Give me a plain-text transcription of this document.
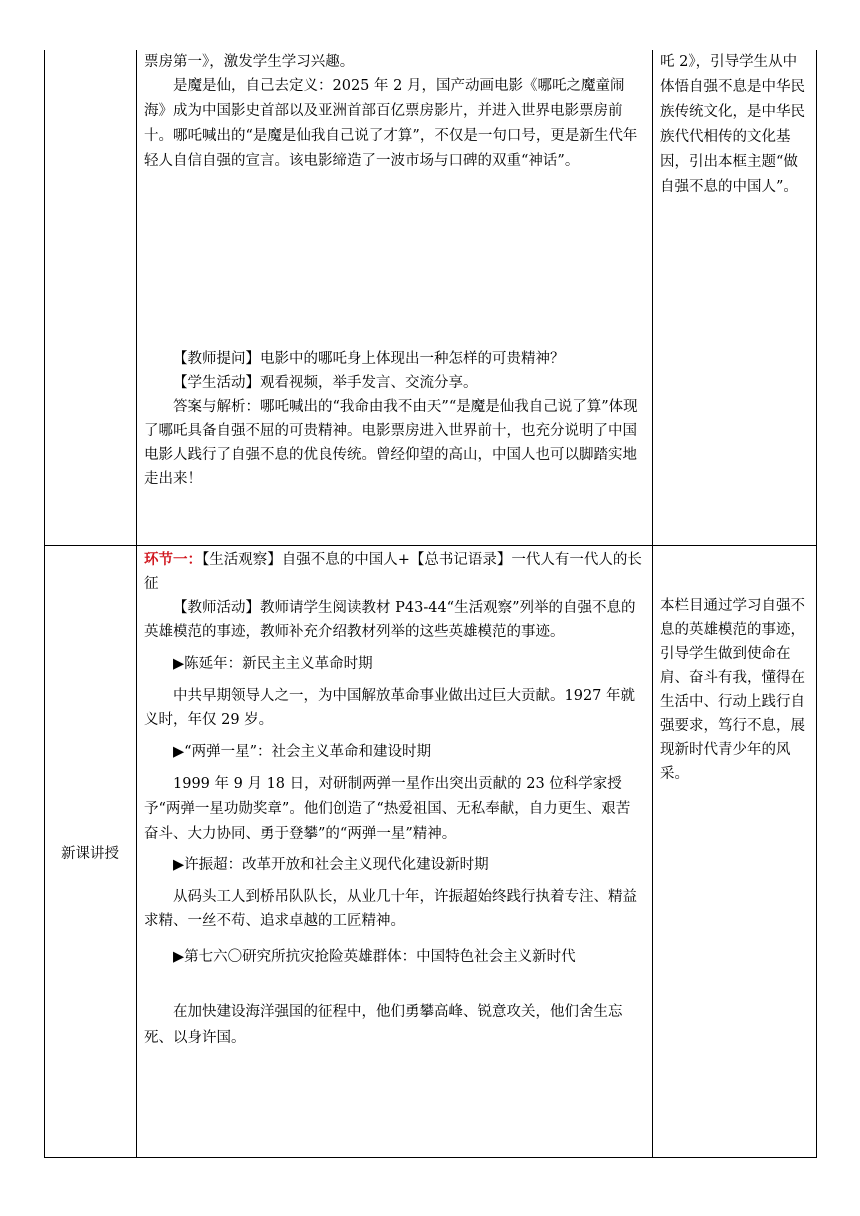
票房第一》，激发学生学习兴趣。

是魔是仙，自己去定义：2025 年 2 月，国产动画电影《哪吒之魔童闹海》成为中国影史首部以及亚洲首部百亿票房影片，并进入世界电影票房前十。哪吒喊出的“是魔是仙我自己说了才算”，不仅是一句口号，更是新生代年轻人自信自强的宣言。该电影缔造了一波市场与口碑的双重“神话”。

【教师提问】电影中的哪吒身上体现出一种怎样的可贵精神？

【学生活动】观看视频，举手发言、交流分享。

答案与解析：哪吒喊出的“我命由我不由天”“是魔是仙我自己说了算”体现了哪吒具备自强不屈的可贵精神。电影票房进入世界前十，也充分说明了中国电影人践行了自强不息的优良传统。曾经仰望的高山，中国人也可以脚踏实地走出来！

吒 2》，引导学生从中体悟自强不息是中华民族传统文化，是中华民族代代相传的文化基因，引出本框主题“做自强不息的中国人”。

新课讲授

环节一：【生活观察】自强不息的中国人+【总书记语录】一代人有一代人的长征

【教师活动】教师请学生阅读教材 P43-44“生活观察”列举的自强不息的英雄模范的事迹，教师补充介绍教材列举的这些英雄模范的事迹。

▶陈延年：新民主主义革命时期

中共早期领导人之一，为中国解放革命事业做出过巨大贡献。1927 年就义时，年仅 29 岁。

▶“两弹一星”：社会主义革命和建设时期

1999 年 9 月 18 日，对研制两弹一星作出突出贡献的 23 位科学家授予“两弹一星功勋奖章”。他们创造了“热爱祖国、无私奉献，自力更生、艰苦奋斗、大力协同、勇于登攀”的“两弹一星”精神。

▶许振超：改革开放和社会主义现代化建设新时期

从码头工人到桥吊队队长，从业几十年，许振超始终践行执着专注、精益求精、一丝不苟、追求卓越的工匠精神。

▶第七六〇研究所抗灾抢险英雄群体：中国特色社会主义新时代

在加快建设海洋强国的征程中，他们勇攀高峰、锐意攻关，他们舍生忘死、以身许国。

本栏目通过学习自强不息的英雄模范的事迹，引导学生做到使命在肩、奋斗有我，懂得在生活中、行动上践行自强要求，笃行不息，展现新时代青少年的风采。
